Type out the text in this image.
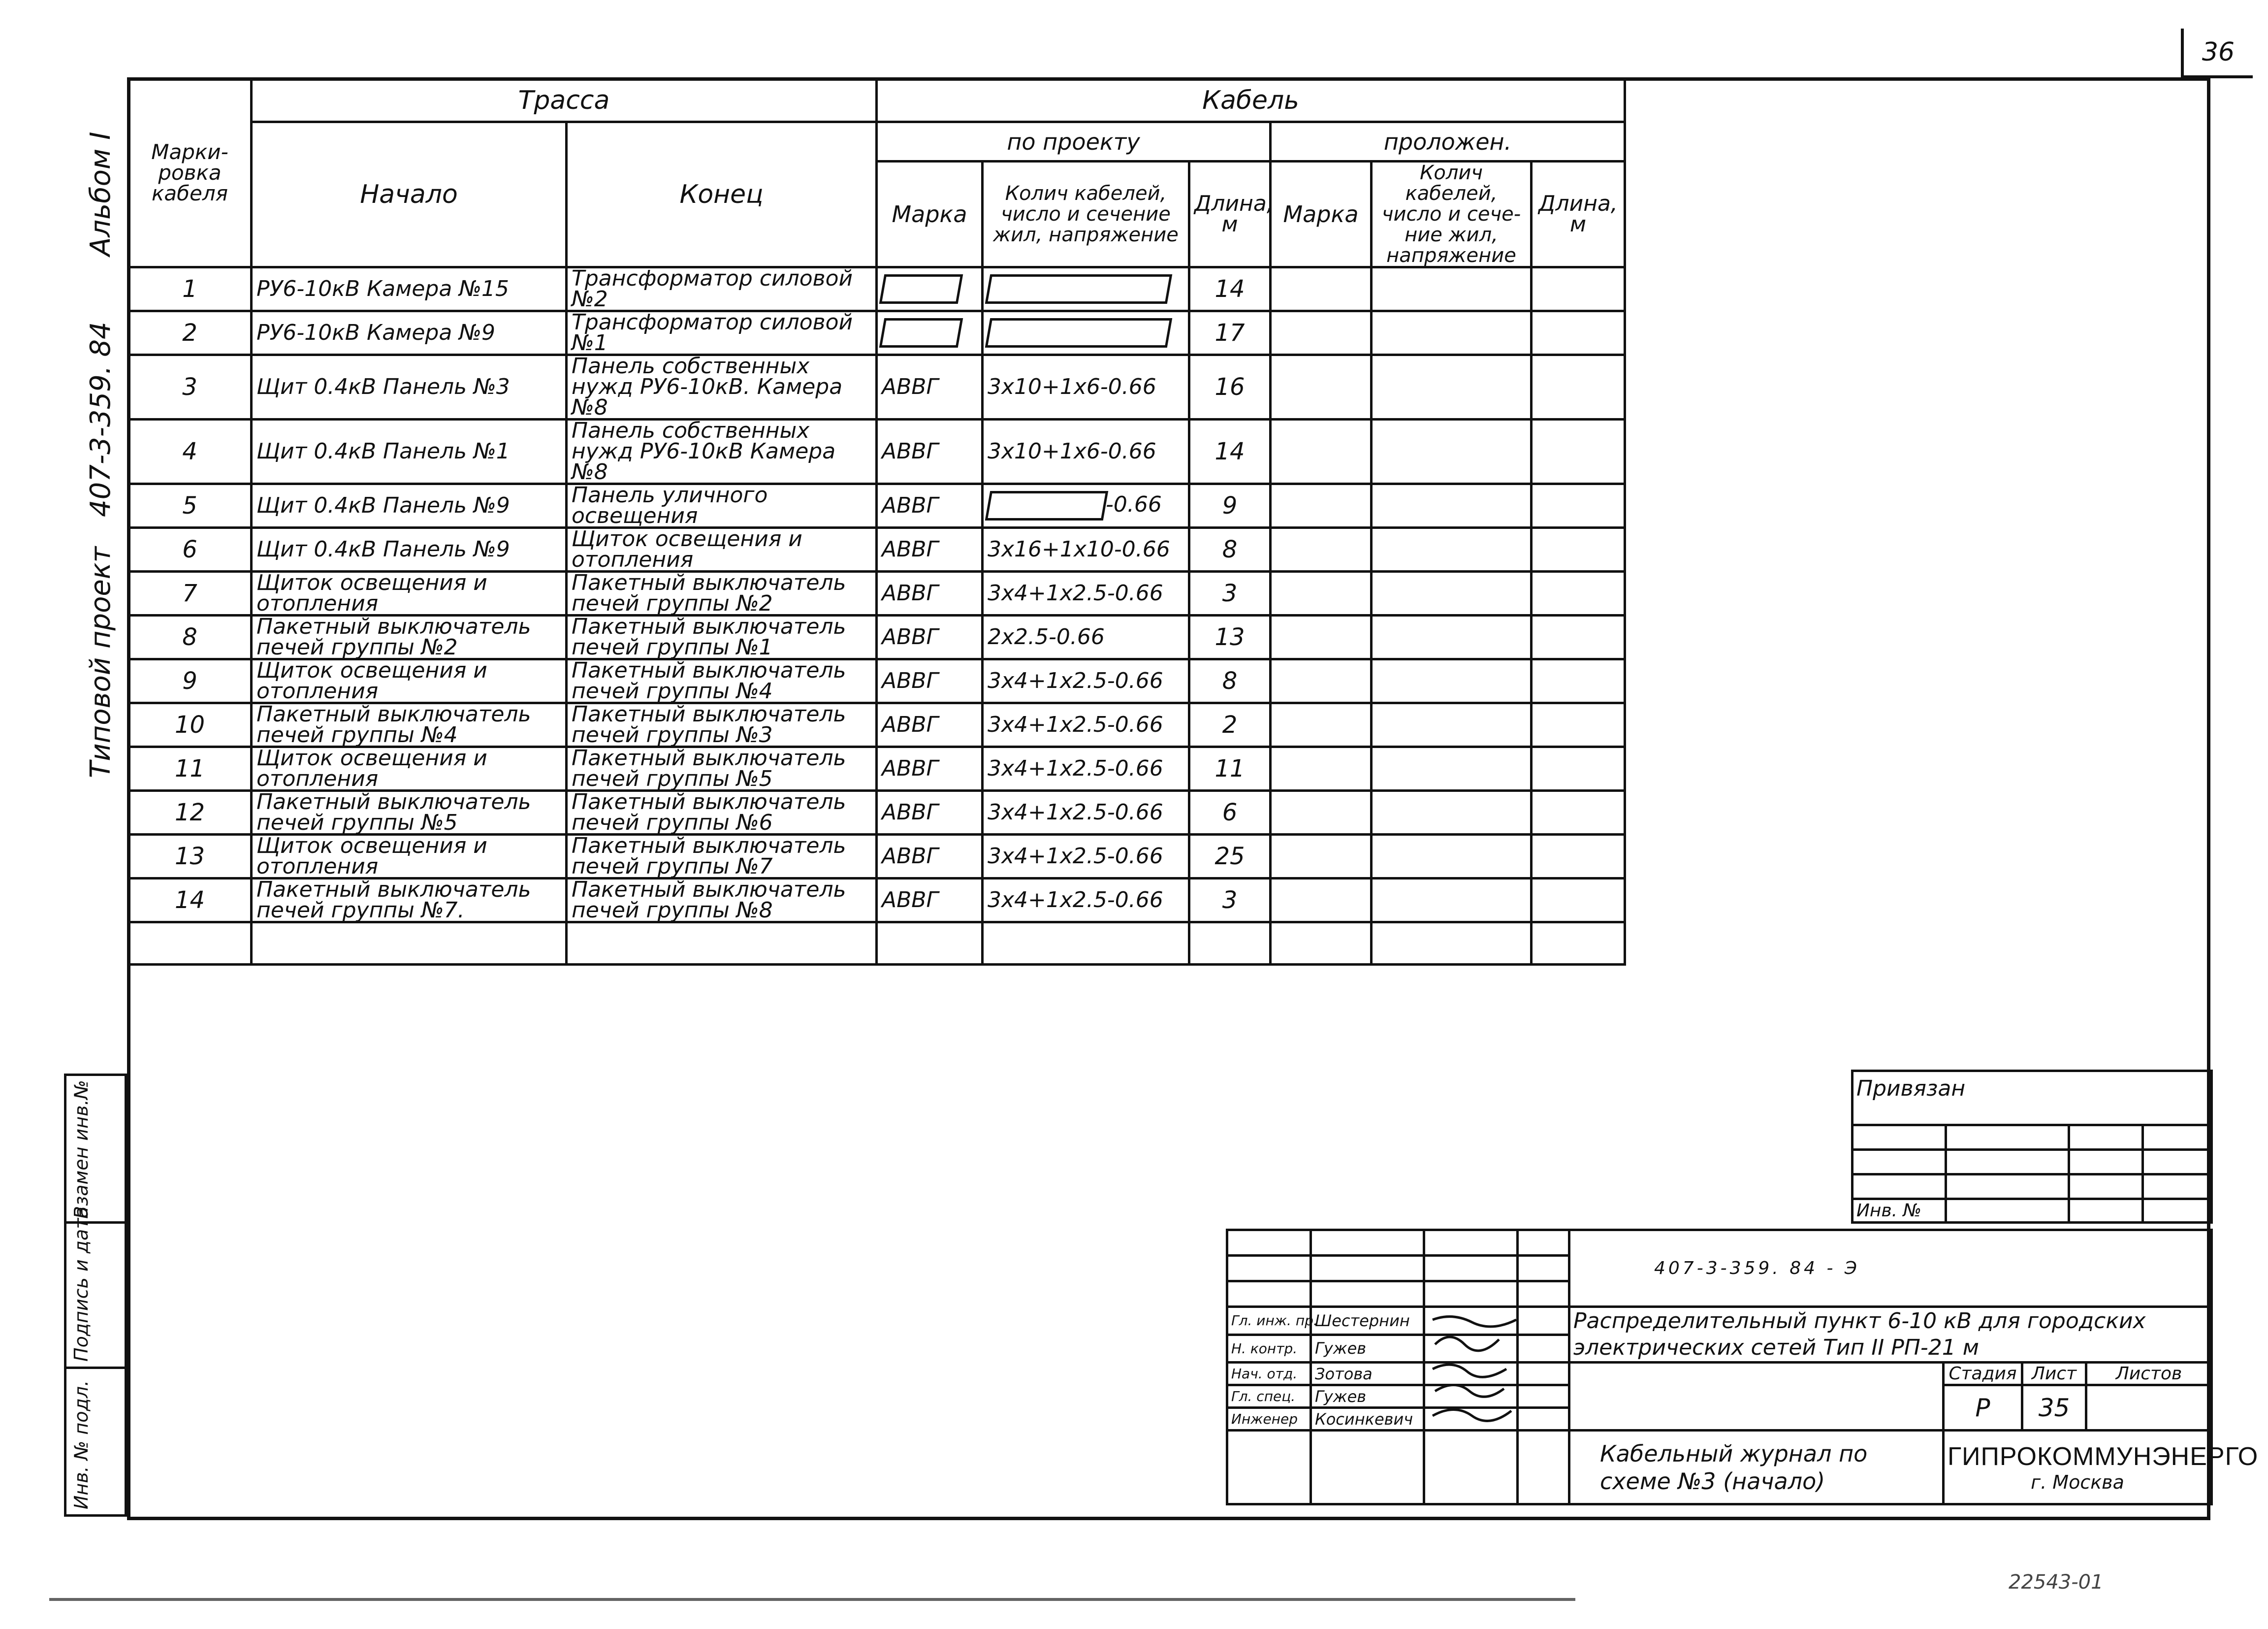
36
Альбом I
407-3-359. 84
Типовой проект
Марки-ровка кабеля	Трасса		Кабель					
	Начало	Конец	по проекту			проложен.		
			Марка	Колич кабелей, число и сечение жил, напряжение	Длина, м	Марка	Колич кабелей, число и сече-ние жил, напряжение	Длина, м
1	РУ6-10кВ Камера №15	Трансформатор силовой №2			14			
2	РУ6-10кВ Камера №9	Трансформатор силовой №1			17			
3	Щит 0.4кВ Панель №3	Панель собственных нужд РУ6-10кВ. Камера №8	АВВГ	3х10+1х6-0.66	16			
4	Щит 0.4кВ Панель №1	Панель собственных нужд РУ6-10кВ Камера №8	АВВГ	3х10+1х6-0.66	14			
5	Щит 0.4кВ Панель №9	Панель уличного освещения	АВВГ	-0.66	9			
6	Щит 0.4кВ Панель №9	Щиток освещения и отопления	АВВГ	3х16+1х10-0.66	8			
7	Щиток освещения и отопления	Пакетный выключатель печей группы №2	АВВГ	3х4+1х2.5-0.66	3			
8	Пакетный выключатель печей группы №2	Пакетный выключатель печей группы №1	АВВГ	2х2.5-0.66	13			
9	Щиток освещения и отопления	Пакетный выключатель печей группы №4	АВВГ	3х4+1х2.5-0.66	8			
10	Пакетный выключатель печей группы №4	Пакетный выключатель печей группы №3	АВВГ	3х4+1х2.5-0.66	2			
11	Щиток освещения и отопления	Пакетный выключатель печей группы №5	АВВГ	3х4+1х2.5-0.66	11			
12	Пакетный выключатель печей группы №5	Пакетный выключатель печей группы №6	АВВГ	3х4+1х2.5-0.66	6			
13	Щиток освещения и отопления	Пакетный выключатель печей группы №7	АВВГ	3х4+1х2.5-0.66	25			
14	Пакетный выключатель печей группы №7.	Пакетный выключатель печей группы №8	АВВГ	3х4+1х2.5-0.66	3			

Взамен инв.№
Подпись и дата
Инв. № подл.
Привязан			

Инв. №			
				407-3-359. 84 - Э			

Гл. инж. пр.	Шестернин			Распределительный пункт 6-10 кВ для городских электрических сетей Тип II РП-21 м			
Н. контр.	Гужев						
Нач. отд.	Зотова				Стадия	Лист	Листов
Гл. спец.	Гужев				Р	35	
Инженер	Косинкевич						
				Кабельный журнал по схеме №3 (начало)	ГИПРОКОММУНЭНЕРГО
г. Москва		
22543-01
